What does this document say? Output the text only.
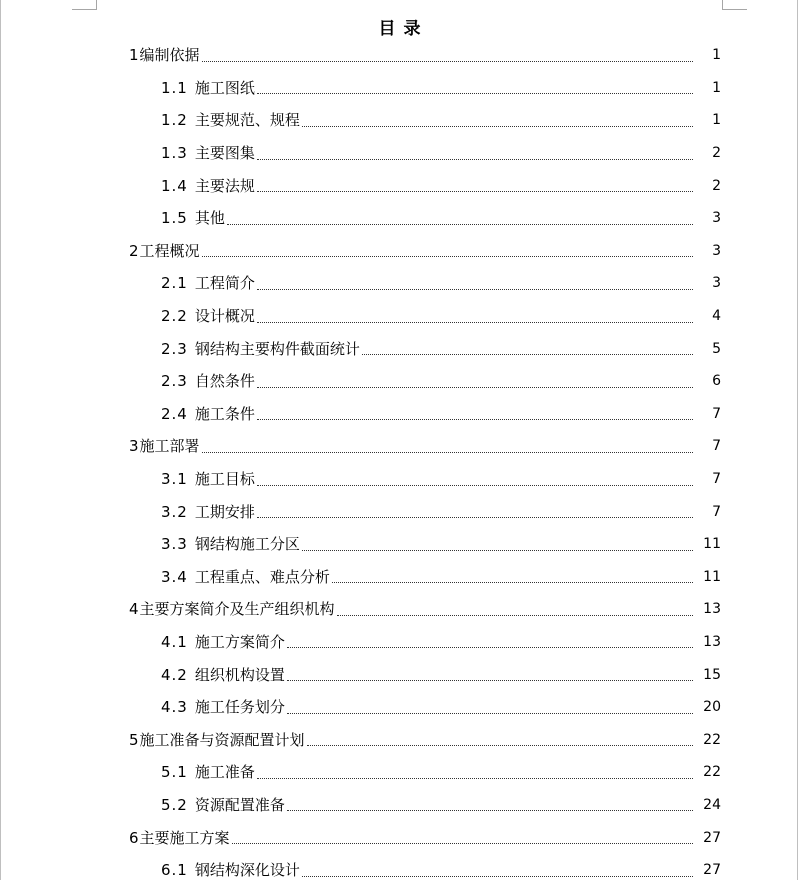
目 录
1编制依据	1
1.1 施工图纸	1
1.2 主要规范、规程	1
1.3 主要图集	2
1.4 主要法规	2
1.5 其他	3
2工程概况	3
2.1 工程简介	3
2.2 设计概况	4
2.3 钢结构主要构件截面统计	5
2.3 自然条件	6
2.4 施工条件	7
3施工部署	7
3.1 施工目标	7
3.2 工期安排	7
3.3 钢结构施工分区	11
3.4 工程重点、难点分析	11
4主要方案简介及生产组织机构	13
4.1 施工方案简介	13
4.2 组织机构设置	15
4.3 施工任务划分	20
5施工准备与资源配置计划	22
5.1 施工准备	22
5.2 资源配置准备	24
6主要施工方案	27
6.1 钢结构深化设计	27
